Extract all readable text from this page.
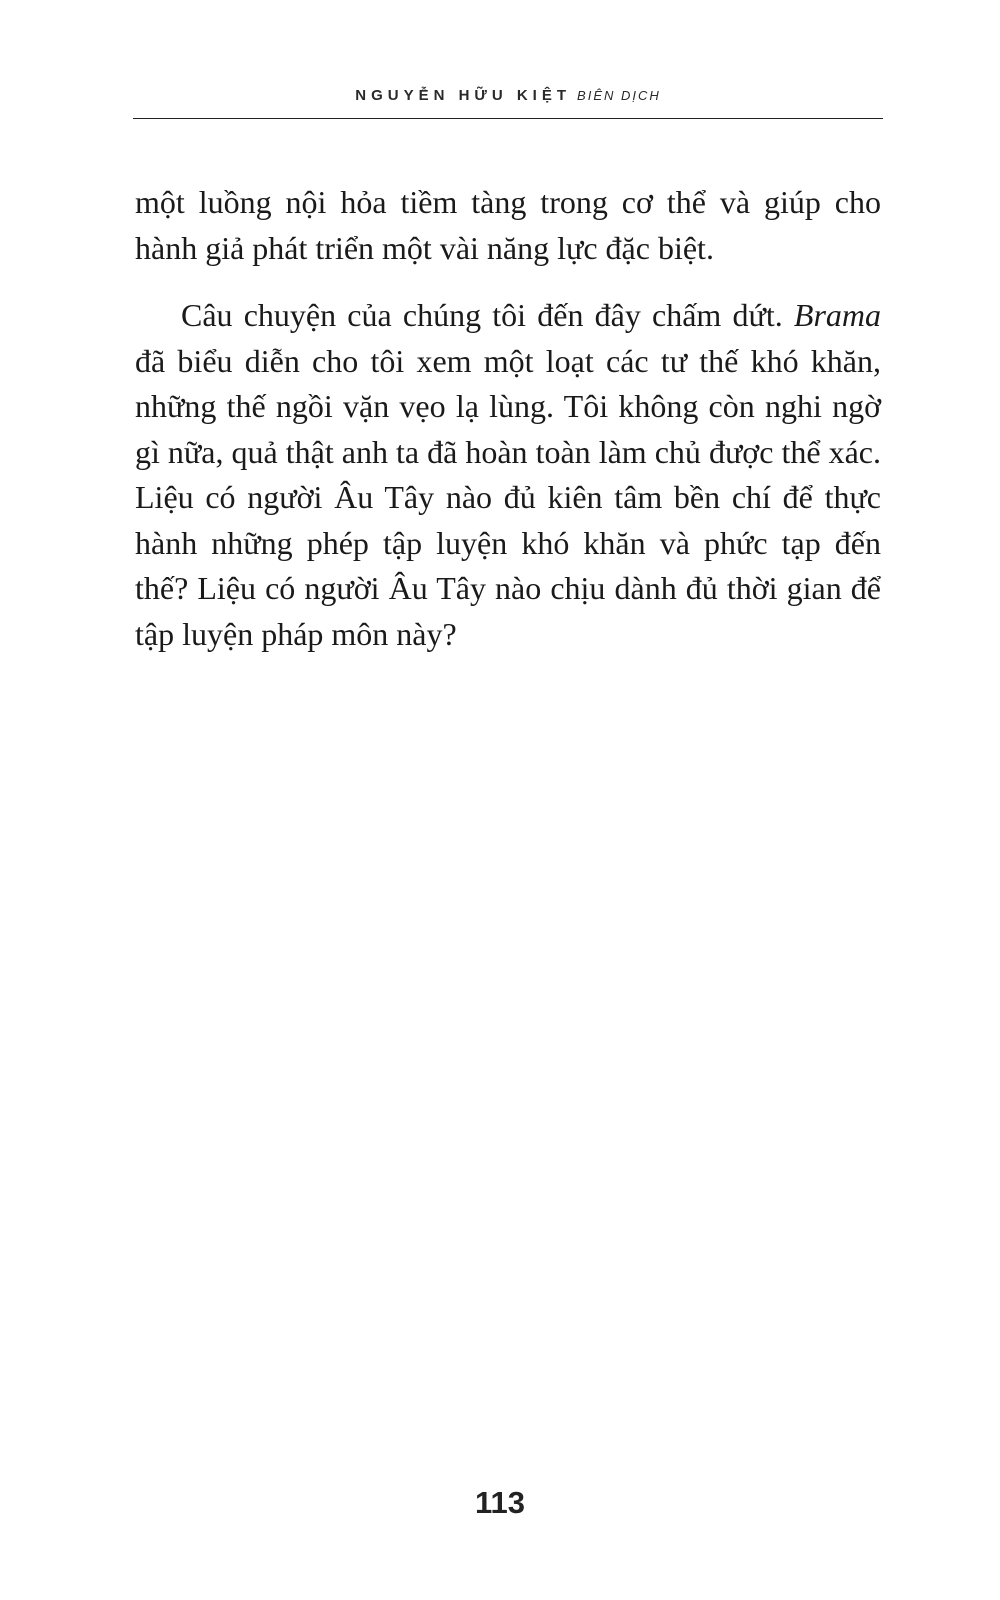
NGUYỄN HỮU KIỆT BIÊN DỊCH

một luồng nội hỏa tiềm tàng trong cơ thể và giúp cho hành giả phát triển một vài năng lực đặc biệt.

Câu chuyện của chúng tôi đến đây chấm dứt. Brama đã biểu diễn cho tôi xem một loạt các tư thế khó khăn, những thế ngồi vặn vẹo lạ lùng. Tôi không còn nghi ngờ gì nữa, quả thật anh ta đã hoàn toàn làm chủ được thể xác. Liệu có người Âu Tây nào đủ kiên tâm bền chí để thực hành những phép tập luyện khó khăn và phức tạp đến thế? Liệu có người Âu Tây nào chịu dành đủ thời gian để tập luyện pháp môn này?

113
